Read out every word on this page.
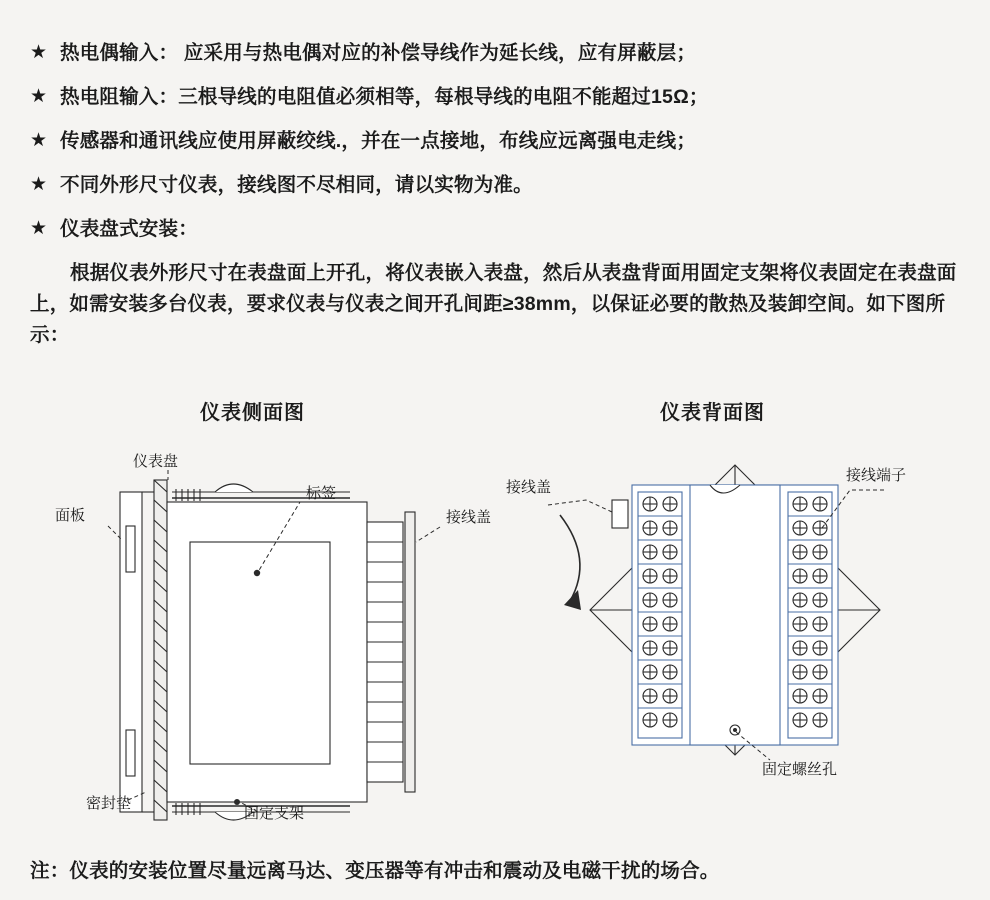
★ 热电偶输入： 应采用与热电偶对应的补偿导线作为延长线，应有屏蔽层；
★ 热电阻输入：三根导线的电阻值必须相等，每根导线的电阻不能超过15Ω；
★ 传感器和通讯线应使用屏蔽绞线.，并在一点接地，布线应远离强电走线；
★ 不同外形尺寸仪表，接线图不尽相同，请以实物为准。
★ 仪表盘式安装：
根据仪表外形尺寸在表盘面上开孔，将仪表嵌入表盘，然后从表盘背面用固定支架将仪表固定在表盘面上，如需安装多台仪表，要求仪表与仪表之间开孔间距≥38mm，以保证必要的散热及装卸空间。如下图所示：
仪表侧面图	仪表背面图
仪表盘
面板
标签
接线盖
密封垫
固定支架
接线盖
接线端子
固定螺丝孔
注：仪表的安装位置尽量远离马达、变压器等有冲击和震动及电磁干扰的场合。
